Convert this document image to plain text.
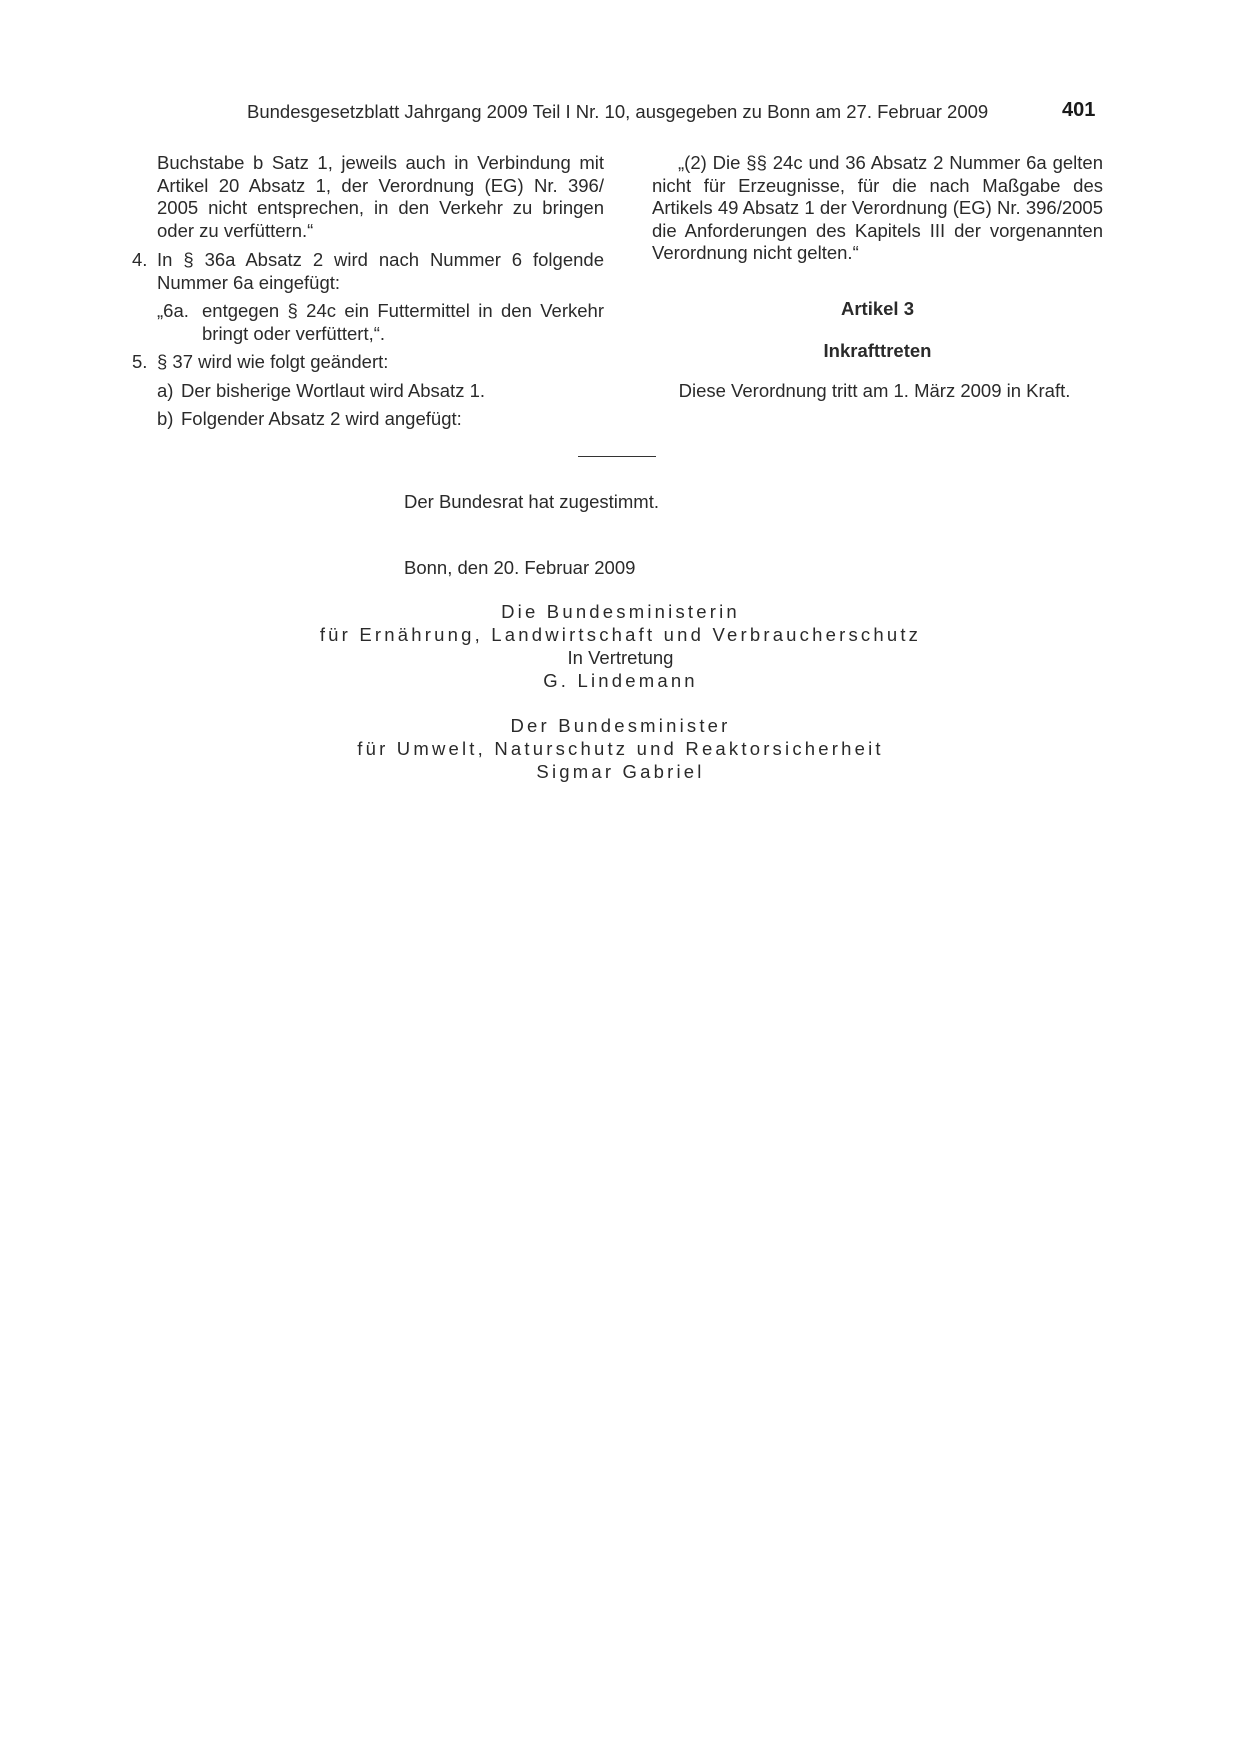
Bundesgesetzblatt Jahrgang 2009 Teil I Nr. 10, ausgegeben zu Bonn am 27. Februar 2009	401

Buchstabe b Satz 1, jeweils auch in Verbindung mit Artikel 20 Absatz 1, der Verordnung (EG) Nr. 396/ 2005 nicht entsprechen, in den Verkehr zu bringen oder zu verfüttern.“

4. In § 36a Absatz 2 wird nach Nummer 6 folgende Nummer 6a eingefügt:
„6a. entgegen § 24c ein Futtermittel in den Verkehr bringt oder verfüttert,“.
5. § 37 wird wie folgt geändert:
a) Der bisherige Wortlaut wird Absatz 1.
b) Folgender Absatz 2 wird angefügt:

„(2) Die §§ 24c und 36 Absatz 2 Nummer 6a gelten nicht für Erzeugnisse, für die nach Maßgabe des Artikels 49 Absatz 1 der Verordnung (EG) Nr. 396/2005 die Anforderungen des Kapitels III der vorgenannten Verordnung nicht gelten.“

Artikel 3
Inkrafttreten
Diese Verordnung tritt am 1. März 2009 in Kraft.
Der Bundesrat hat zugestimmt.
Bonn, den 20. Februar 2009
Die Bundesministerin
für Ernährung, Landwirtschaft und Verbraucherschutz
In Vertretung
G. Lindemann
Der Bundesminister
für Umwelt, Naturschutz und Reaktorsicherheit
Sigmar Gabriel
